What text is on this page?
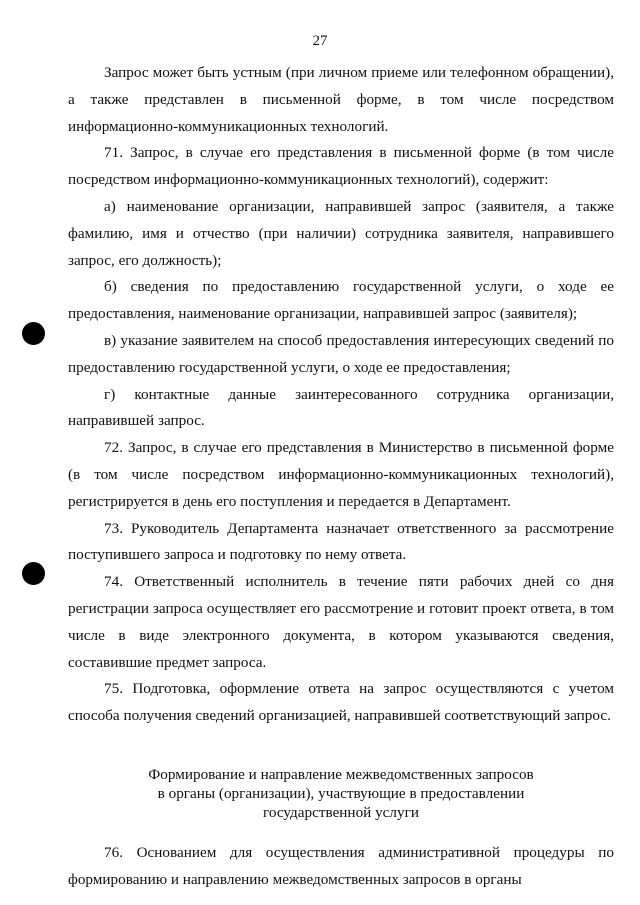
27

Запрос может быть устным (при личном приеме или телефонном обращении), а также представлен в письменной форме, в том числе посредством информационно-коммуникационных технологий.

71. Запрос, в случае его представления в письменной форме (в том числе посредством информационно-коммуникационных технологий), содержит:

а) наименование организации, направившей запрос (заявителя, а также фамилию, имя и отчество (при наличии) сотрудника заявителя, направившего запрос, его должность);

б) сведения по предоставлению государственной услуги, о ходе ее предоставления, наименование организации, направившей запрос (заявителя);

в) указание заявителем на способ предоставления интересующих сведений по предоставлению государственной услуги, о ходе ее предоставления;

г) контактные данные заинтересованного сотрудника организации, направившей запрос.

72. Запрос, в случае его представления в Министерство в письменной форме (в том числе посредством информационно-коммуникационных технологий), регистрируется в день его поступления и передается в Департамент.

73. Руководитель Департамента назначает ответственного за рассмотрение поступившего запроса и подготовку по нему ответа.

74. Ответственный исполнитель в течение пяти рабочих дней со дня регистрации запроса осуществляет его рассмотрение и готовит проект ответа, в том числе в виде электронного документа, в котором указываются сведения, составившие предмет запроса.

75. Подготовка, оформление ответа на запрос осуществляются с учетом способа получения сведений организацией, направившей соответствующий запрос.

Формирование и направление межведомственных запросов
в органы (организации), участвующие в предоставлении
государственной услуги

76. Основанием для осуществления административной процедуры по формированию и направлению межведомственных запросов в органы
